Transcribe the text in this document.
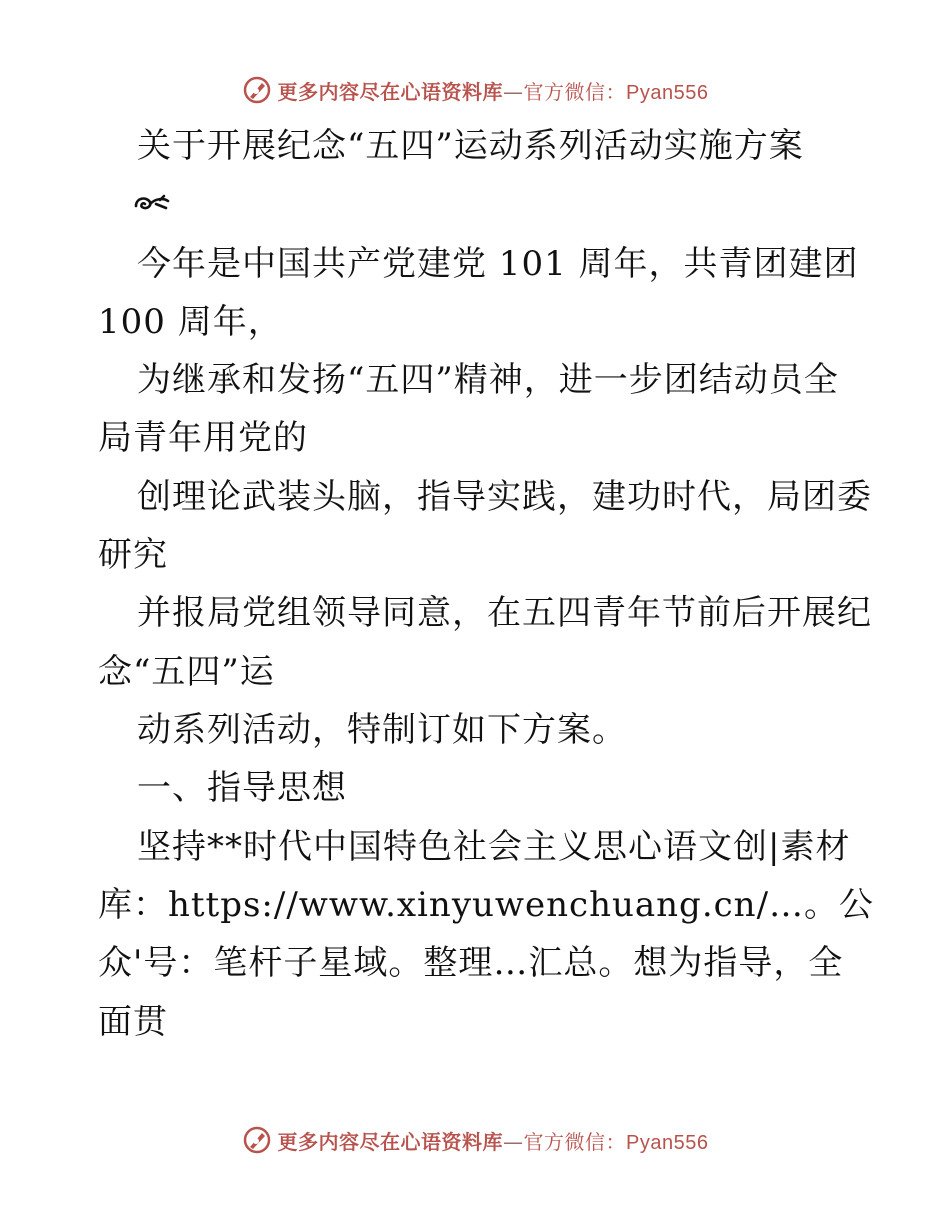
更多内容尽在心语资料库—官方微信：Pyan556
关于开展纪念“五四”运动系列活动实施方案
今年是中国共产党建党 101 周年，共青团建团
100 周年，
为继承和发扬“五四”精神，进一步团结动员全
局青年用党的
创理论武装头脑，指导实践，建功时代，局团委
研究
并报局党组领导同意，在五四青年节前后开展纪
念“五四”运
动系列活动，特制订如下方案。
一、指导思想
坚持**时代中国特色社会主义思心语文创|素材
库：https://www.xinyuwenchuang.cn/…。公
众'号：笔杆子星域。整理…汇总。想为指导，全
面贯
更多内容尽在心语资料库—官方微信：Pyan556
